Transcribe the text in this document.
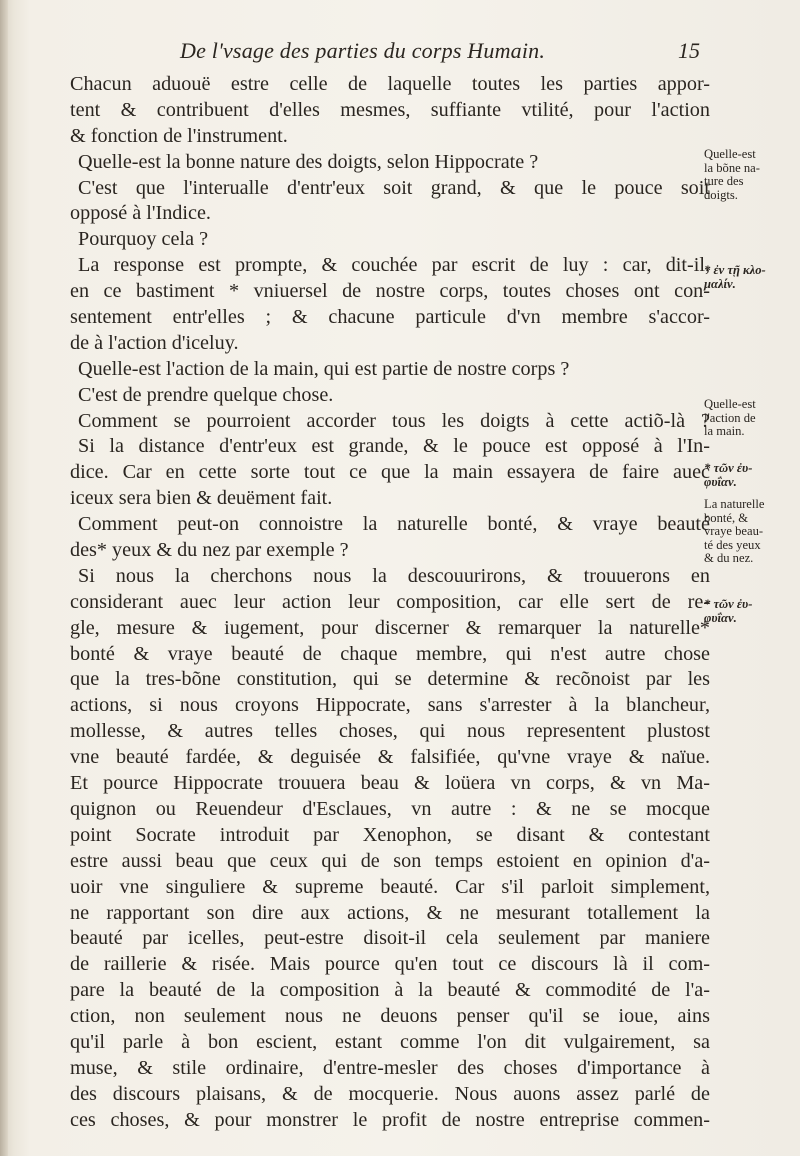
De l'vsage des parties du corps Humain.	15
Chacun aduouë estre celle de laquelle toutes les parties appor-
tent & contribuent d'elles mesmes, suffiante vtilité, pour l'action
& fonction de l'instrument.
Quelle-est la bonne nature des doigts, selon Hippocrate ?
C'est que l'interualle d'entr'eux soit grand, & que le pouce soit
opposé à l'Indice.
Pourquoy cela ?
La response est prompte, & couchée par escrit de luy : car, dit-il,
en ce bastiment * vniuersel de nostre corps, toutes choses ont con-
sentement entr'elles ; & chacune particule d'vn membre s'accor-
de à l'action d'iceluy.
Quelle-est l'action de la main, qui est partie de nostre corps ?
C'est de prendre quelque chose.
Comment se pourroient accorder tous les doigts à cette actiõ-là ?
Si la distance d'entr'eux est grande, & le pouce est opposé à l'In-
dice. Car en cette sorte tout ce que la main essayera de faire auec
iceux sera bien & deuëment fait.
Comment peut-on connoistre la naturelle bonté, & vraye beauté
des* yeux & du nez par exemple ?
Si nous la cherchons nous la descouurirons, & trouuerons en
considerant auec leur action leur composition, car elle sert de re-
gle, mesure & iugement, pour discerner & remarquer la naturelle*
bonté & vraye beauté de chaque membre, qui n'est autre chose
que la tres-bõne constitution, qui se determine & recõnoist par les
actions, si nous croyons Hippocrate, sans s'arrester à la blancheur,
mollesse, & autres telles choses, qui nous representent plustost
vne beauté fardée, & deguisée & falsifiée, qu'vne vraye & naïue.
Et pource Hippocrate trouuera beau & loüera vn corps, & vn Ma-
quignon ou Reuendeur d'Esclaues, vn autre : & ne se mocque
point Socrate introduit par Xenophon, se disant & contestant
estre aussi beau que ceux qui de son temps estoient en opinion d'a-
uoir vne singuliere & supreme beauté. Car s'il parloit simplement,
ne rapportant son dire aux actions, & ne mesurant totallement la
beauté par icelles, peut-estre disoit-il cela seulement par maniere
de raillerie & risée. Mais pource qu'en tout ce discours là il com-
pare la beauté de la composition à la beauté & commodité de l'a-
ction, non seulement nous ne deuons penser qu'il se ioue, ains
qu'il parle à bon escient, estant comme l'on dit vulgairement, sa
muse, & stile ordinaire, d'entre-mesler des choses d'importance à
des discours plaisans, & de mocquerie. Nous auons assez parlé de
ces choses, & pour monstrer le profit de nostre entreprise commen-
Quelle-est
la bõne na-
ture des
doigts.
* ἐν τῇ κλο-
μαλίν.
Quelle-est
l'action de
la main.
* τῶν ἐυ-
φυΐαν.
La naturelle
bonté, &
vraye beau-
té des yeux
& du nez.
* τῶν ἐυ-
φυΐαν.
